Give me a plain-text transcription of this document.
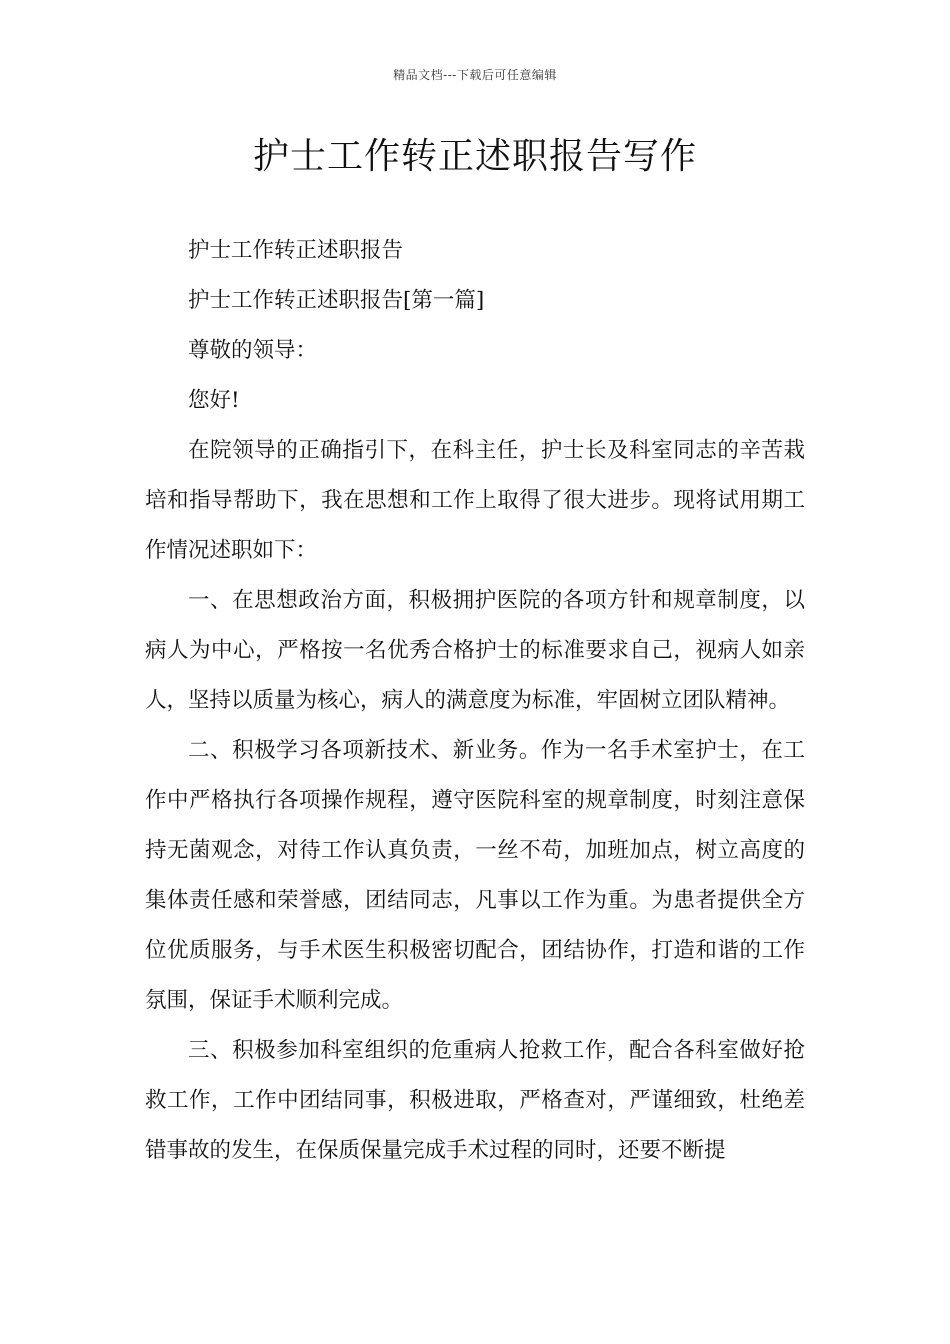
精品文档---下载后可任意编辑
护士工作转正述职报告写作

护士工作转正述职报告

护士工作转正述职报告[第一篇]

尊敬的领导：

您好!

在院领导的正确指引下，在科主任，护士长及科室同志的辛苦栽培和指导帮助下，我在思想和工作上取得了很大进步。现将试用期工作情况述职如下：

一、在思想政治方面，积极拥护医院的各项方针和规章制度，以病人为中心，严格按一名优秀合格护士的标准要求自己，视病人如亲人，坚持以质量为核心，病人的满意度为标准，牢固树立团队精神。

二、积极学习各项新技术、新业务。作为一名手术室护士，在工作中严格执行各项操作规程，遵守医院科室的规章制度，时刻注意保持无菌观念，对待工作认真负责，一丝不苟，加班加点，树立高度的集体责任感和荣誉感，团结同志，凡事以工作为重。为患者提供全方位优质服务，与手术医生积极密切配合，团结协作，打造和谐的工作氛围，保证手术顺利完成。

三、积极参加科室组织的危重病人抢救工作，配合各科室做好抢救工作，工作中团结同事，积极进取，严格查对，严谨细致，杜绝差错事故的发生，在保质保量完成手术过程的同时，还要不断提
